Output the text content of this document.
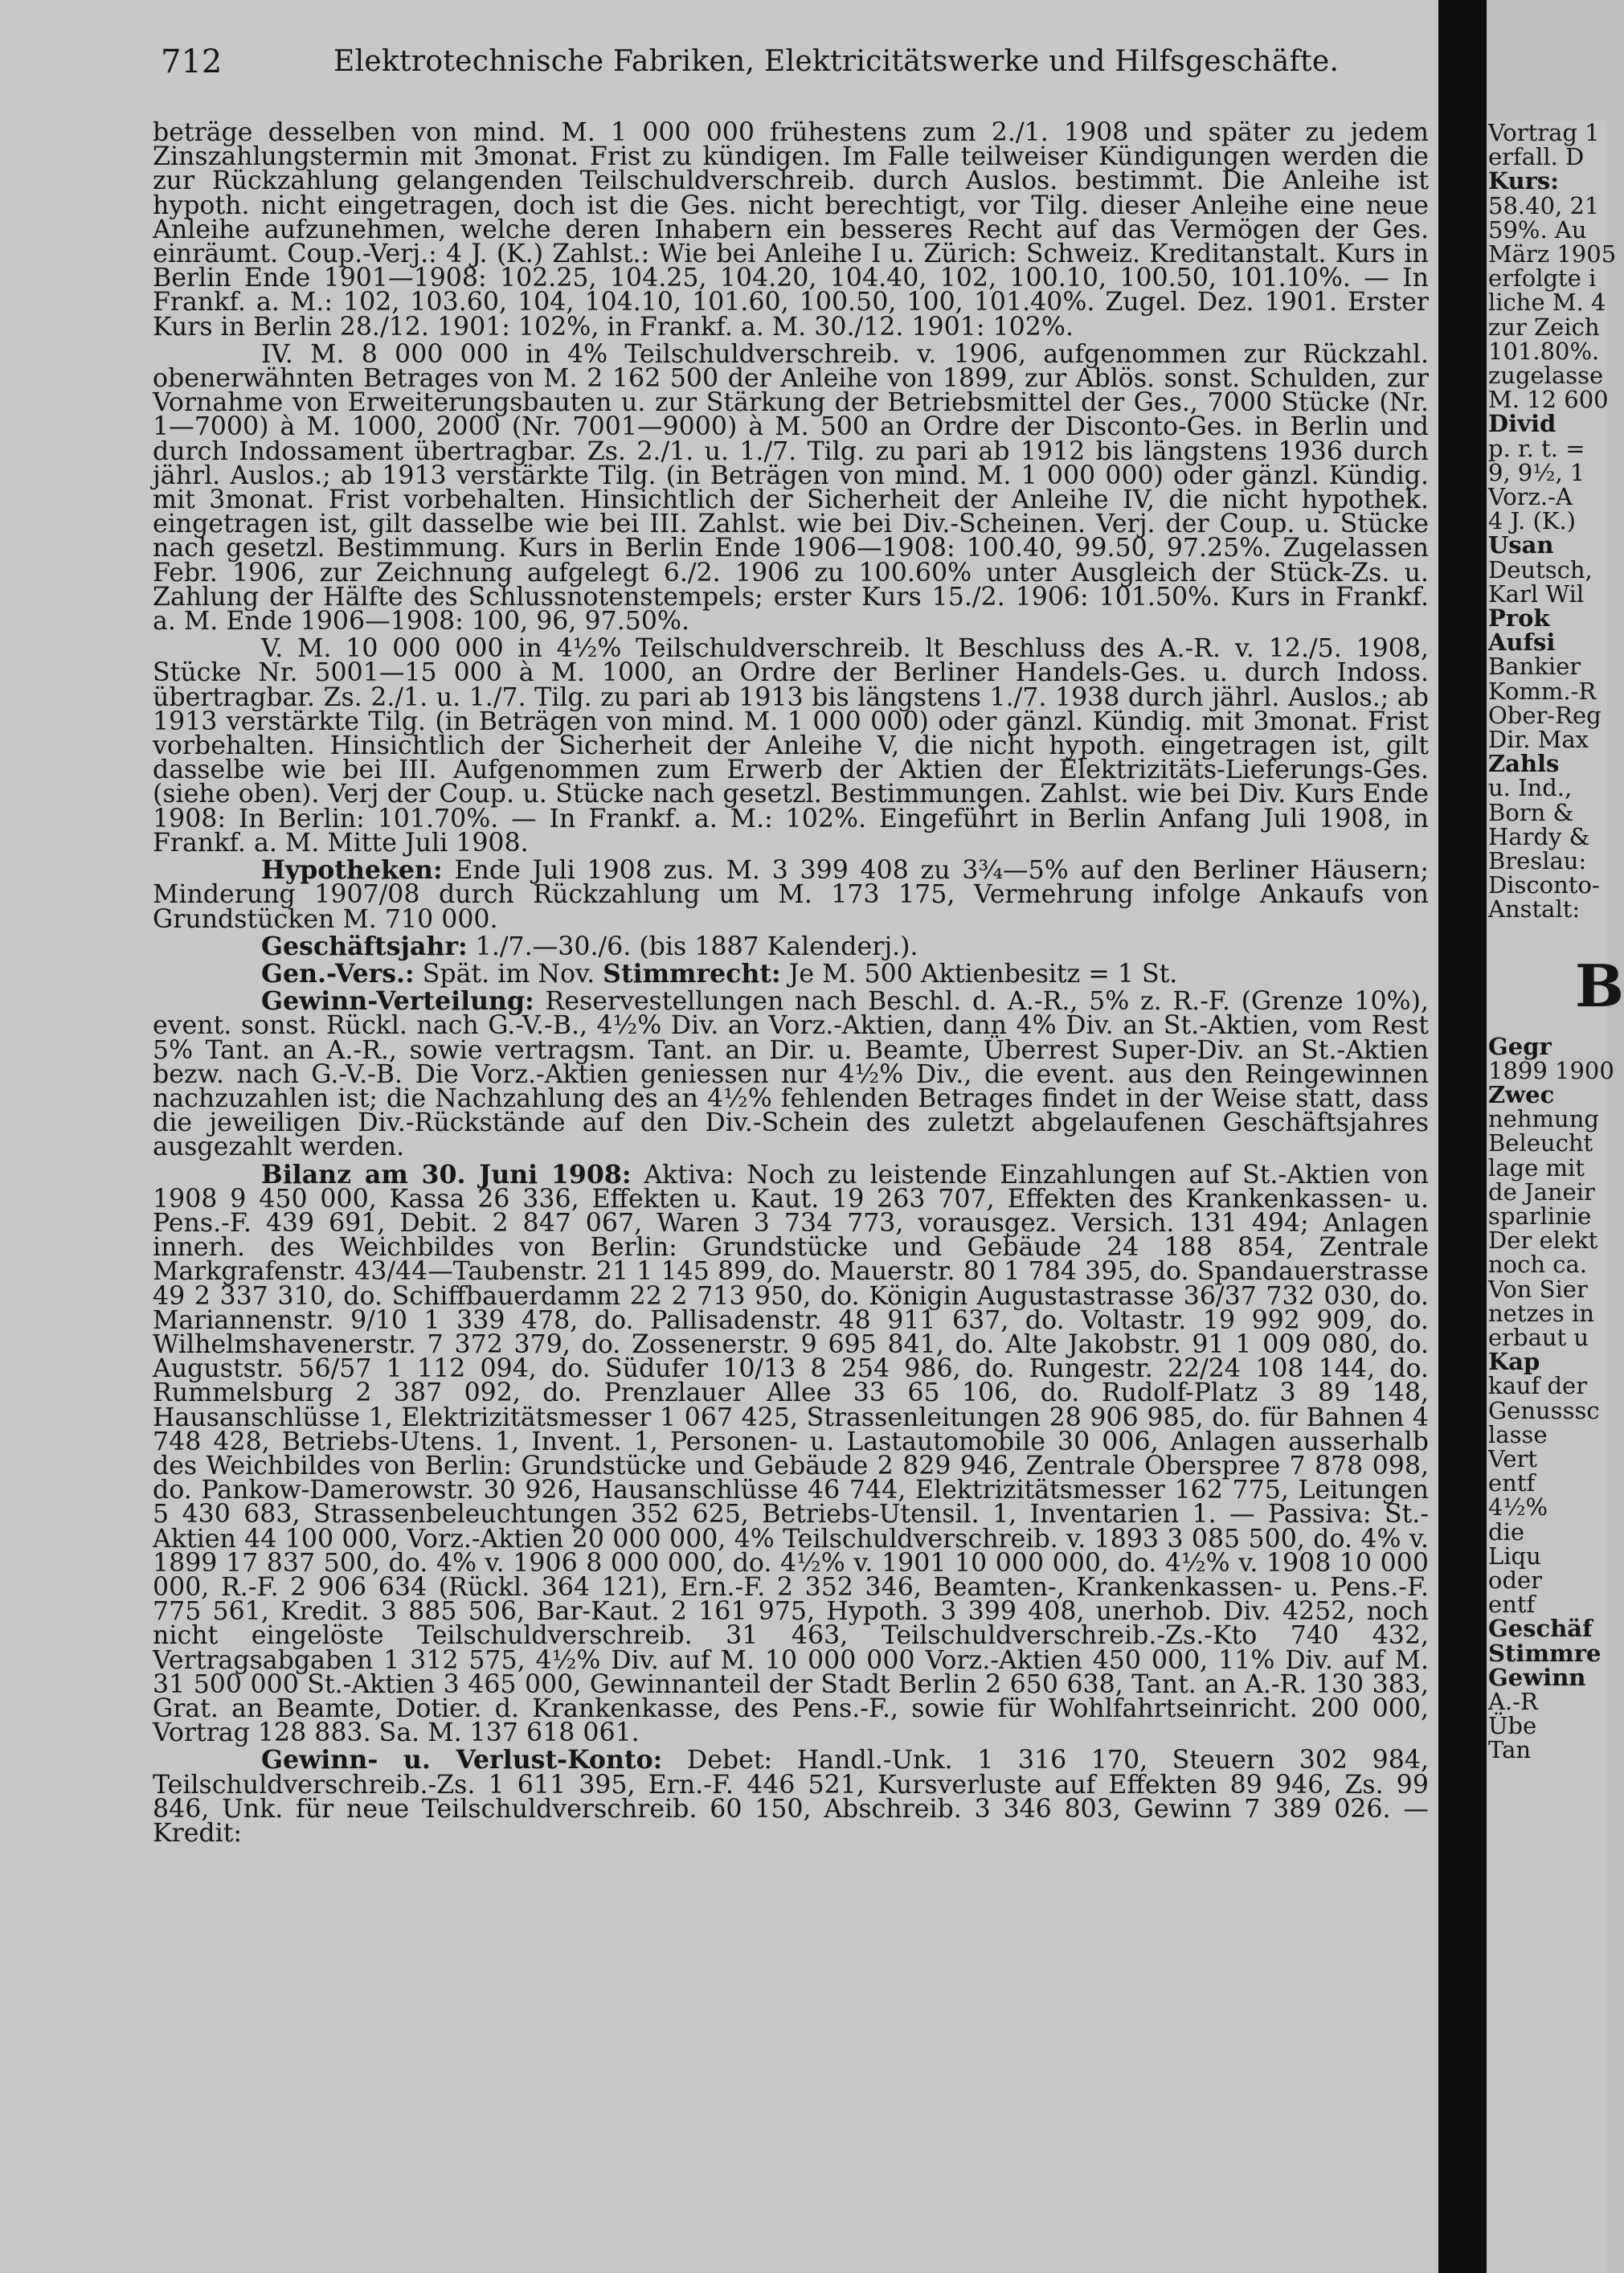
712	Elektrotechnische Fabriken, Elektricitätswerke und Hilfsgeschäfte.

beträge desselben von mind. M. 1 000 000 frühestens zum 2./1. 1908 und später zu jedem Zinszahlungstermin mit 3monat. Frist zu kündigen. Im Falle teilweiser Kündigungen werden die zur Rückzahlung gelangenden Teilschuldverschreib. durch Auslos. bestimmt. Die Anleihe ist hypoth. nicht eingetragen, doch ist die Ges. nicht berechtigt, vor Tilg. dieser Anleihe eine neue Anleihe aufzunehmen, welche deren Inhabern ein besseres Recht auf das Vermögen der Ges. einräumt. Coup.-Verj.: 4 J. (K.) Zahlst.: Wie bei Anleihe I u. Zürich: Schweiz. Kreditanstalt. Kurs in Berlin Ende 1901—1908: 102.25, 104.25, 104.20, 104.40, 102, 100.10, 100.50, 101.10%. — In Frankf. a. M.: 102, 103.60, 104, 104.10, 101.60, 100.50, 100, 101.40%. Zugel. Dez. 1901. Erster Kurs in Berlin 28./12. 1901: 102%, in Frankf. a. M. 30./12. 1901: 102%.

IV. M. 8 000 000 in 4% Teilschuldverschreib. v. 1906, aufgenommen zur Rückzahl. obenerwähnten Betrages von M. 2 162 500 der Anleihe von 1899, zur Ablös. sonst. Schulden, zur Vornahme von Erweiterungsbauten u. zur Stärkung der Betriebsmittel der Ges., 7000 Stücke (Nr. 1—7000) à M. 1000, 2000 (Nr. 7001—9000) à M. 500 an Ordre der Disconto-Ges. in Berlin und durch Indossament übertragbar. Zs. 2./1. u. 1./7. Tilg. zu pari ab 1912 bis längstens 1936 durch jährl. Auslos.; ab 1913 verstärkte Tilg. (in Beträgen von mind. M. 1 000 000) oder gänzl. Kündig. mit 3monat. Frist vorbehalten. Hinsichtlich der Sicherheit der Anleihe IV, die nicht hypothek. eingetragen ist, gilt dasselbe wie bei III. Zahlst. wie bei Div.-Scheinen. Verj. der Coup. u. Stücke nach gesetzl. Bestimmung. Kurs in Berlin Ende 1906—1908: 100.40, 99.50, 97.25%. Zugelassen Febr. 1906, zur Zeichnung aufgelegt 6./2. 1906 zu 100.60% unter Ausgleich der Stück-Zs. u. Zahlung der Hälfte des Schlussnotenstempels; erster Kurs 15./2. 1906: 101.50%. Kurs in Frankf. a. M. Ende 1906—1908: 100, 96, 97.50%.

V. M. 10 000 000 in 4½% Teilschuldverschreib. lt Beschluss des A.-R. v. 12./5. 1908, Stücke Nr. 5001—15 000 à M. 1000, an Ordre der Berliner Handels-Ges. u. durch Indoss. übertragbar. Zs. 2./1. u. 1./7. Tilg. zu pari ab 1913 bis längstens 1./7. 1938 durch jährl. Auslos.; ab 1913 verstärkte Tilg. (in Beträgen von mind. M. 1 000 000) oder gänzl. Kündig. mit 3monat. Frist vorbehalten. Hinsichtlich der Sicherheit der Anleihe V, die nicht hypoth. eingetragen ist, gilt dasselbe wie bei III. Aufgenommen zum Erwerb der Aktien der Elektrizitäts-Lieferungs-Ges. (siehe oben). Verj der Coup. u. Stücke nach gesetzl. Bestimmungen. Zahlst. wie bei Div. Kurs Ende 1908: In Berlin: 101.70%. — In Frankf. a. M.: 102%. Eingeführt in Berlin Anfang Juli 1908, in Frankf. a. M. Mitte Juli 1908.

Hypotheken: Ende Juli 1908 zus. M. 3 399 408 zu 3¾—5% auf den Berliner Häusern; Minderung 1907/08 durch Rückzahlung um M. 173 175, Vermehrung infolge Ankaufs von Grundstücken M. 710 000.

Geschäftsjahr: 1./7.—30./6. (bis 1887 Kalenderj.).

Gen.-Vers.: Spät. im Nov. Stimmrecht: Je M. 500 Aktienbesitz = 1 St.

Gewinn-Verteilung: Reservestellungen nach Beschl. d. A.-R., 5% z. R.-F. (Grenze 10%), event. sonst. Rückl. nach G.-V.-B., 4½% Div. an Vorz.-Aktien, dann 4% Div. an St.-Aktien, vom Rest 5% Tant. an A.-R., sowie vertragsm. Tant. an Dir. u. Beamte, Überrest Super-Div. an St.-Aktien bezw. nach G.-V.-B. Die Vorz.-Aktien geniessen nur 4½% Div., die event. aus den Reingewinnen nachzuzahlen ist; die Nachzahlung des an 4½% fehlenden Betrages findet in der Weise statt, dass die jeweiligen Div.-Rückstände auf den Div.-Schein des zuletzt abgelaufenen Geschäftsjahres ausgezahlt werden.

Bilanz am 30. Juni 1908: Aktiva: Noch zu leistende Einzahlungen auf St.-Aktien von 1908 9 450 000, Kassa 26 336, Effekten u. Kaut. 19 263 707, Effekten des Krankenkassen- u. Pens.-F. 439 691, Debit. 2 847 067, Waren 3 734 773, vorausgez. Versich. 131 494; Anlagen innerh. des Weichbildes von Berlin: Grundstücke und Gebäude 24 188 854, Zentrale Markgrafenstr. 43/44—Taubenstr. 21 1 145 899, do. Mauerstr. 80 1 784 395, do. Spandauerstrasse 49 2 337 310, do. Schiffbauerdamm 22 2 713 950, do. Königin Augustastrasse 36/37 732 030, do. Mariannenstr. 9/10 1 339 478, do. Pallisadenstr. 48 911 637, do. Voltastr. 19 992 909, do. Wilhelmshavenerstr. 7 372 379, do. Zossenerstr. 9 695 841, do. Alte Jakobstr. 91 1 009 080, do. Auguststr. 56/57 1 112 094, do. Südufer 10/13 8 254 986, do. Rungestr. 22/24 108 144, do. Rummelsburg 2 387 092, do. Prenzlauer Allee 33 65 106, do. Rudolf-Platz 3 89 148, Hausanschlüsse 1, Elektrizitätsmesser 1 067 425, Strassenleitungen 28 906 985, do. für Bahnen 4 748 428, Betriebs-Utens. 1, Invent. 1, Personen- u. Lastautomobile 30 006, Anlagen ausserhalb des Weichbildes von Berlin: Grundstücke und Gebäude 2 829 946, Zentrale Oberspree 7 878 098, do. Pankow-Damerowstr. 30 926, Hausanschlüsse 46 744, Elektrizitätsmesser 162 775, Leitungen 5 430 683, Strassenbeleuchtungen 352 625, Betriebs-Utensil. 1, Inventarien 1. — Passiva: St.-Aktien 44 100 000, Vorz.-Aktien 20 000 000, 4% Teilschuldverschreib. v. 1893 3 085 500, do. 4% v. 1899 17 837 500, do. 4% v. 1906 8 000 000, do. 4½% v. 1901 10 000 000, do. 4½% v. 1908 10 000 000, R.-F. 2 906 634 (Rückl. 364 121), Ern.-F. 2 352 346, Beamten-, Krankenkassen- u. Pens.-F. 775 561, Kredit. 3 885 506, Bar-Kaut. 2 161 975, Hypoth. 3 399 408, unerhob. Div. 4252, noch nicht eingelöste Teilschuldverschreib. 31 463, Teilschuldverschreib.-Zs.-Kto 740 432, Vertragsabgaben 1 312 575, 4½% Div. auf M. 10 000 000 Vorz.-Aktien 450 000, 11% Div. auf M. 31 500 000 St.-Aktien 3 465 000, Gewinnanteil der Stadt Berlin 2 650 638, Tant. an A.-R. 130 383, Grat. an Beamte, Dotier. d. Krankenkasse, des Pens.-F., sowie für Wohlfahrtseinricht. 200 000, Vortrag 128 883. Sa. M. 137 618 061.

Gewinn- u. Verlust-Konto: Debet: Handl.-Unk. 1 316 170, Steuern 302 984, Teilschuldverschreib.-Zs. 1 611 395, Ern.-F. 446 521, Kursverluste auf Effekten 89 946, Zs. 99 846, Unk. für neue Teilschuldverschreib. 60 150, Abschreib. 3 346 803, Gewinn 7 389 026. — Kredit:

Vortrag 1
erfall. D
Kurs:
58.40, 21
59%. Au
März 1905
erfolgte i
liche M. 4
zur Zeich
101.80%.
zugelasse
M. 12 600
Divid
p. r. t. =
9, 9½, 1
Vorz.-A
4 J. (K.)
Usan
Deutsch,
Karl Wil
Prok
Aufsi
Bankier
Komm.-R
Ober-Reg
Dir. Max
Zahls
u. Ind.,
Born &
Hardy &
Breslau:
Disconto-
Anstalt:
B
Gegr
1899 1900
Zwec
nehmung
Beleucht
lage mit
de Janeir
sparlinie
Der elekt
noch ca.
Von Sier
netzes in
erbaut u
Kap
kauf der
Genusssc
lasse
Vert
entf
4½%
die
Liqu
oder
entf
Geschäf
Stimmre
Gewinn
A.-R
Übe
Tan
